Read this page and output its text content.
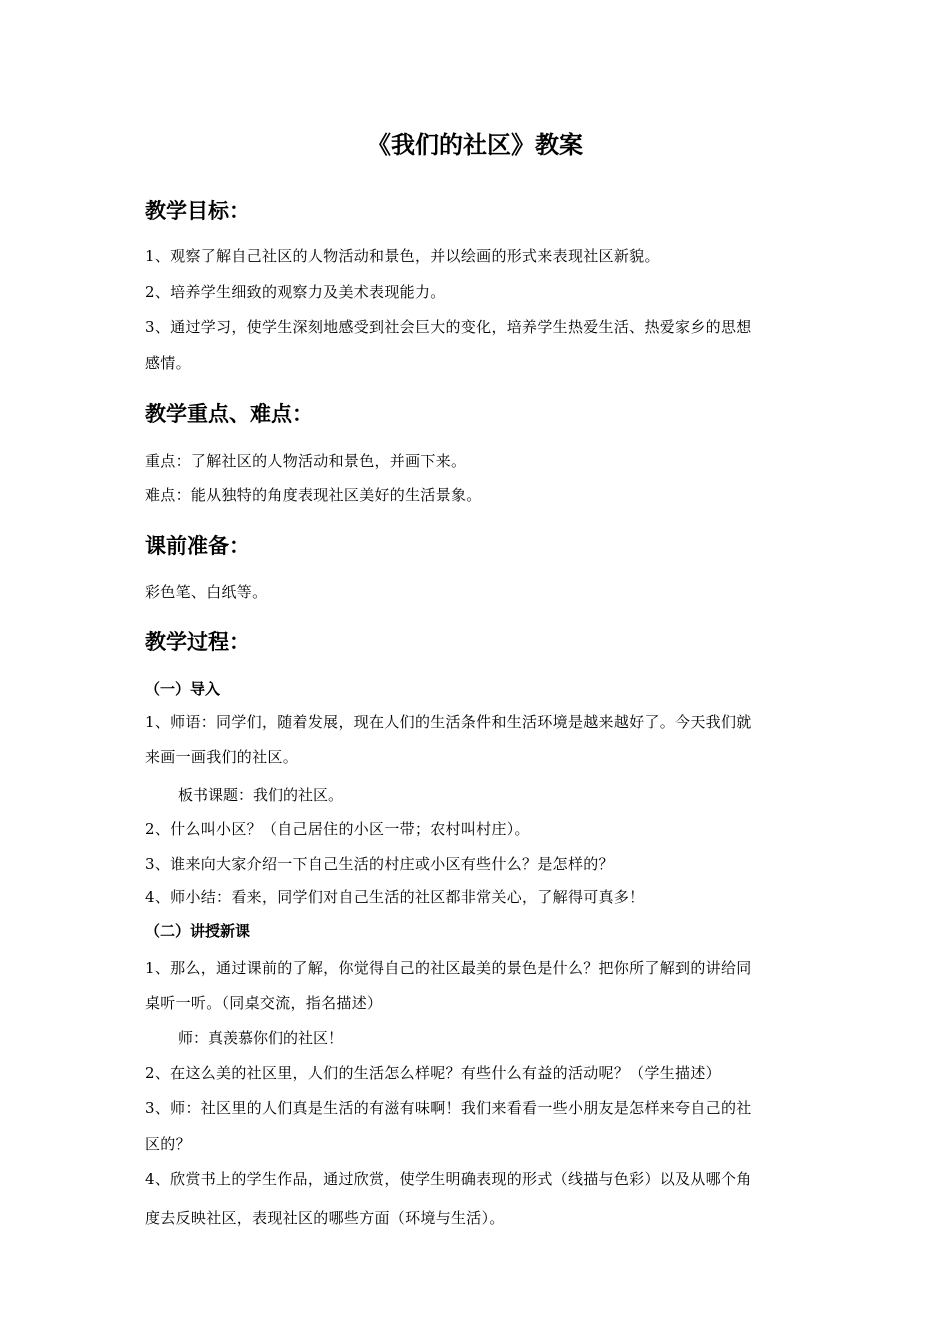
《我们的社区》教案
教学目标：
1、观察了解自己社区的人物活动和景色，并以绘画的形式来表现社区新貌。
2、培养学生细致的观察力及美术表现能力。
3、通过学习，使学生深刻地感受到社会巨大的变化，培养学生热爱生活、热爱家乡的思想
感情。
教学重点、难点：
重点：了解社区的人物活动和景色，并画下来。
难点：能从独特的角度表现社区美好的生活景象。
课前准备：
彩色笔、白纸等。
教学过程：
（一）导入
1、师语：同学们，随着发展，现在人们的生活条件和生活环境是越来越好了。今天我们就
来画一画我们的社区。
板书课题：我们的社区。
2、什么叫小区？（自己居住的小区一带；农村叫村庄）。
3、谁来向大家介绍一下自己生活的村庄或小区有些什么？是怎样的？
4、师小结：看来，同学们对自己生活的社区都非常关心，了解得可真多！
（二）讲授新课
1、那么，通过课前的了解，你觉得自己的社区最美的景色是什么？把你所了解到的讲给同
桌听一听。（同桌交流，指名描述）
师：真羡慕你们的社区！
2、在这么美的社区里，人们的生活怎么样呢？有些什么有益的活动呢？（学生描述）
3、师：社区里的人们真是生活的有滋有味啊！我们来看看一些小朋友是怎样来夸自己的社
区的？
4、欣赏书上的学生作品，通过欣赏，使学生明确表现的形式（线描与色彩）以及从哪个角
度去反映社区，表现社区的哪些方面（环境与生活）。
